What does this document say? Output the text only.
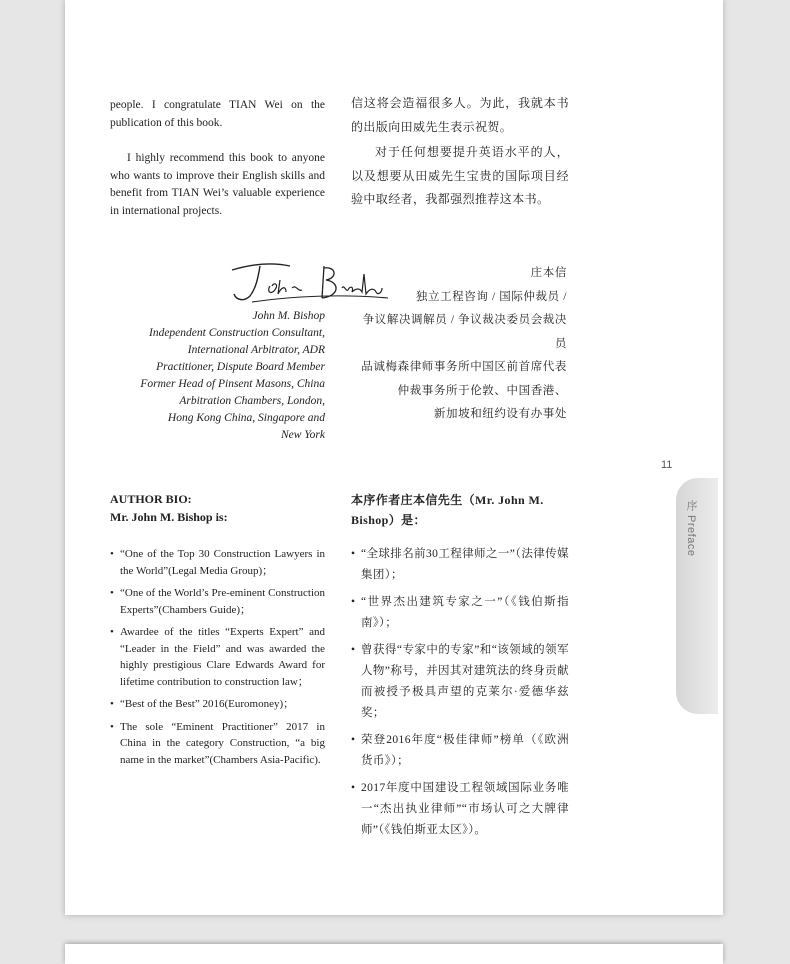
people. I congratulate TIAN Wei on the publication of this book.

I highly recommend this book to anyone who wants to improve their English skills and benefit from TIAN Wei’s valuable experience in international projects.

信这将会造福很多人。为此，我就本书的出版向田威先生表示祝贺。

对于任何想要提升英语水平的人，以及想要从田威先生宝贵的国际项目经验中取经者，我都强烈推荐这本书。

John M. Bishop
Independent Construction Consultant,
International Arbitrator, ADR
Practitioner, Dispute Board Member
Former Head of Pinsent Masons, China
Arbitration Chambers, London,
Hong Kong China, Singapore and
New York
庄本信
独立工程咨询 / 国际仲裁员 /
争议解决调解员 / 争议裁决委员会裁决员
品诚梅森律师事务所中国区前首席代表
仲裁事务所于伦敦、中国香港、
新加坡和纽约设有办事处
AUTHOR BIO:
Mr. John M. Bishop is:
• “One of the Top 30 Construction Lawyers in the World”(Legal Media Group)；
• “One of the World’s Pre-eminent Construction Experts”(Chambers Guide)；
• Awardee of the titles “Experts Expert” and “Leader in the Field” and was awarded the highly prestigious Clare Edwards Award for lifetime contribution to construction law；
• “Best of the Best” 2016(Euromoney)；
• The sole “Eminent Practitioner” 2017 in China in the category Construction, “a big name in the market”(Chambers Asia-Pacific).
本序作者庄本信先生（Mr. John M. Bishop）是：
• “全球排名前30工程律师之一”（法律传媒集团）；
• “世界杰出建筑专家之一”（《钱伯斯指南》）；
• 曾获得“专家中的专家”和“该领域的领军人物”称号，并因其对建筑法的终身贡献而被授予极具声望的克莱尔·爱德华兹奖；
• 荣登2016年度“极佳律师”榜单（《欧洲货币》）；
• 2017年度中国建设工程领域国际业务唯一“杰出执业律师”“市场认可之大牌律师”（《钱伯斯亚太区》）。
11
序 Preface
